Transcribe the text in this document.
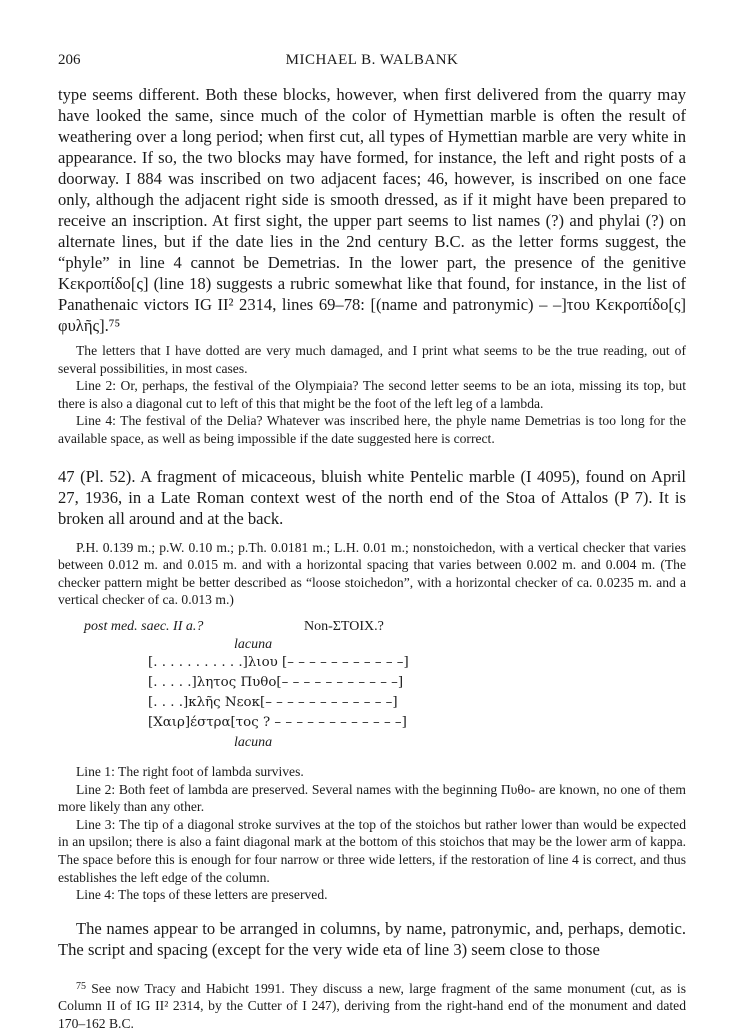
206	MICHAEL B. WALBANK

type seems different. Both these blocks, however, when first delivered from the quarry may have looked the same, since much of the color of Hymettian marble is often the result of weathering over a long period; when first cut, all types of Hymettian marble are very white in appearance. If so, the two blocks may have formed, for instance, the left and right posts of a doorway. I 884 was inscribed on two adjacent faces; 46, however, is inscribed on one face only, although the adjacent right side is smooth dressed, as if it might have been prepared to receive an inscription. At first sight, the upper part seems to list names (?) and phylai (?) on alternate lines, but if the date lies in the 2nd century B.C. as the letter forms suggest, the “phyle” in line 4 cannot be Demetrias. In the lower part, the presence of the genitive Κεκροπίδο[ς] (line 18) suggests a rubric somewhat like that found, for instance, in the list of Panathenaic victors IG II² 2314, lines 69–78: [(name and patronymic) – –]του Κεκροπίδο[ς] φυλῆς].⁷⁵

The letters that I have dotted are very much damaged, and I print what seems to be the true reading, out of several possibilities, in most cases.

Line 2: Or, perhaps, the festival of the Olympiaia? The second letter seems to be an iota, missing its top, but there is also a diagonal cut to left of this that might be the foot of the left leg of a lambda.

Line 4: The festival of the Delia? Whatever was inscribed here, the phyle name Demetrias is too long for the available space, as well as being impossible if the date suggested here is correct.

47 (Pl. 52). A fragment of micaceous, bluish white Pentelic marble (I 4095), found on April 27, 1936, in a Late Roman context west of the north end of the Stoa of Attalos (P 7). It is broken all around and at the back.

P.H. 0.139 m.; p.W. 0.10 m.; p.Th. 0.0181 m.; L.H. 0.01 m.; nonstoichedon, with a vertical checker that varies between 0.012 m. and 0.015 m. and with a horizontal spacing that varies between 0.002 m. and 0.004 m. (The checker pattern might be better described as “loose stoichedon”, with a horizontal checker of ca. 0.0235 m. and a vertical checker of ca. 0.013 m.)

post med. saec. II a.?	Non-ΣΤΟΙΧ.?
lacuna
[. . . . . . . . . . .]λιου [– – – – – – – – – – –]
[. . . . .]λητος Πυθο[– – – – – – – – – – –]
[. . . .]κλῆς Νεοκ[– – – – – – – – – – – –]
[Χαιρ]έστρα[τος ? – – – – – – – – – – – –]
lacuna

Line 1: The right foot of lambda survives.

Line 2: Both feet of lambda are preserved. Several names with the beginning Πυθο- are known, no one of them more likely than any other.

Line 3: The tip of a diagonal stroke survives at the top of the stoichos but rather lower than would be expected in an upsilon; there is also a faint diagonal mark at the bottom of this stoichos that may be the lower arm of kappa. The space before this is enough for four narrow or three wide letters, if the restoration of line 4 is correct, and thus establishes the left edge of the column.

Line 4: The tops of these letters are preserved.

The names appear to be arranged in columns, by name, patronymic, and, perhaps, demotic. The script and spacing (except for the very wide eta of line 3) seem close to those

$^{75}$ See now Tracy and Habicht 1991. They discuss a new, large fragment of the same monument (cut, as is Column II of IG II² 2314, by the Cutter of I 247), deriving from the right-hand end of the monument and dated 170–162 B.C.
